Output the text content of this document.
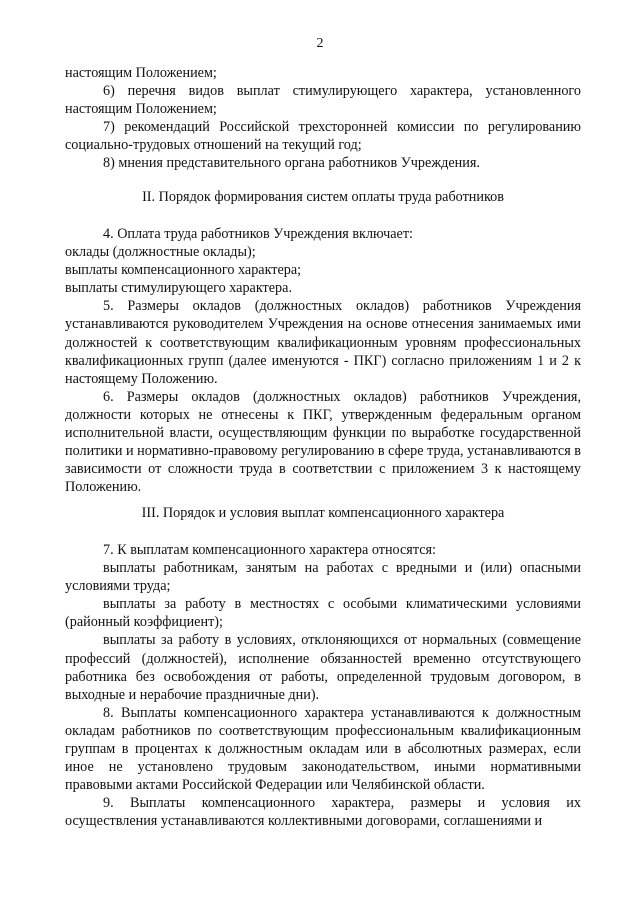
2

настоящим Положением;

6) перечня видов выплат стимулирующего характера, установленного настоящим Положением;

7) рекомендаций Российской трехсторонней комиссии по регулированию социально-трудовых отношений на текущий год;

8) мнения представительного органа работников Учреждения.

II. Порядок формирования систем оплаты труда работников

4. Оплата труда работников Учреждения включает:

оклады (должностные оклады);

выплаты компенсационного характера;

выплаты стимулирующего характера.

5. Размеры окладов (должностных окладов) работников Учреждения устанавливаются руководителем Учреждения на основе отнесения занимаемых ими должностей к соответствующим квалификационным уровням профессиональных квалификационных групп (далее именуются - ПКГ) согласно приложениям 1 и 2 к настоящему Положению.

6. Размеры окладов (должностных окладов) работников Учреждения, должности которых не отнесены к ПКГ, утвержденным федеральным органом исполнительной власти, осуществляющим функции по выработке государственной политики и нормативно-правовому регулированию в сфере труда, устанавливаются в зависимости от сложности труда в соответствии с приложением 3 к настоящему Положению.

III. Порядок и условия выплат компенсационного характера

7. К выплатам компенсационного характера относятся:

выплаты работникам, занятым на работах с вредными и (или) опасными условиями труда;

выплаты за работу в местностях с особыми климатическими условиями (районный коэффициент);

выплаты за работу в условиях, отклоняющихся от нормальных (совмещение профессий (должностей), исполнение обязанностей временно отсутствующего работника без освобождения от работы, определенной трудовым договором, в выходные и нерабочие праздничные дни).

8. Выплаты компенсационного характера устанавливаются к должностным окладам работников по соответствующим профессиональным квалификационным группам в процентах к должностным окладам или в абсолютных размерах, если иное не установлено трудовым законодательством, иными нормативными правовыми актами Российской Федерации или Челябинской области.

9. Выплаты компенсационного характера, размеры и условия их осуществления устанавливаются коллективными договорами, соглашениями и
